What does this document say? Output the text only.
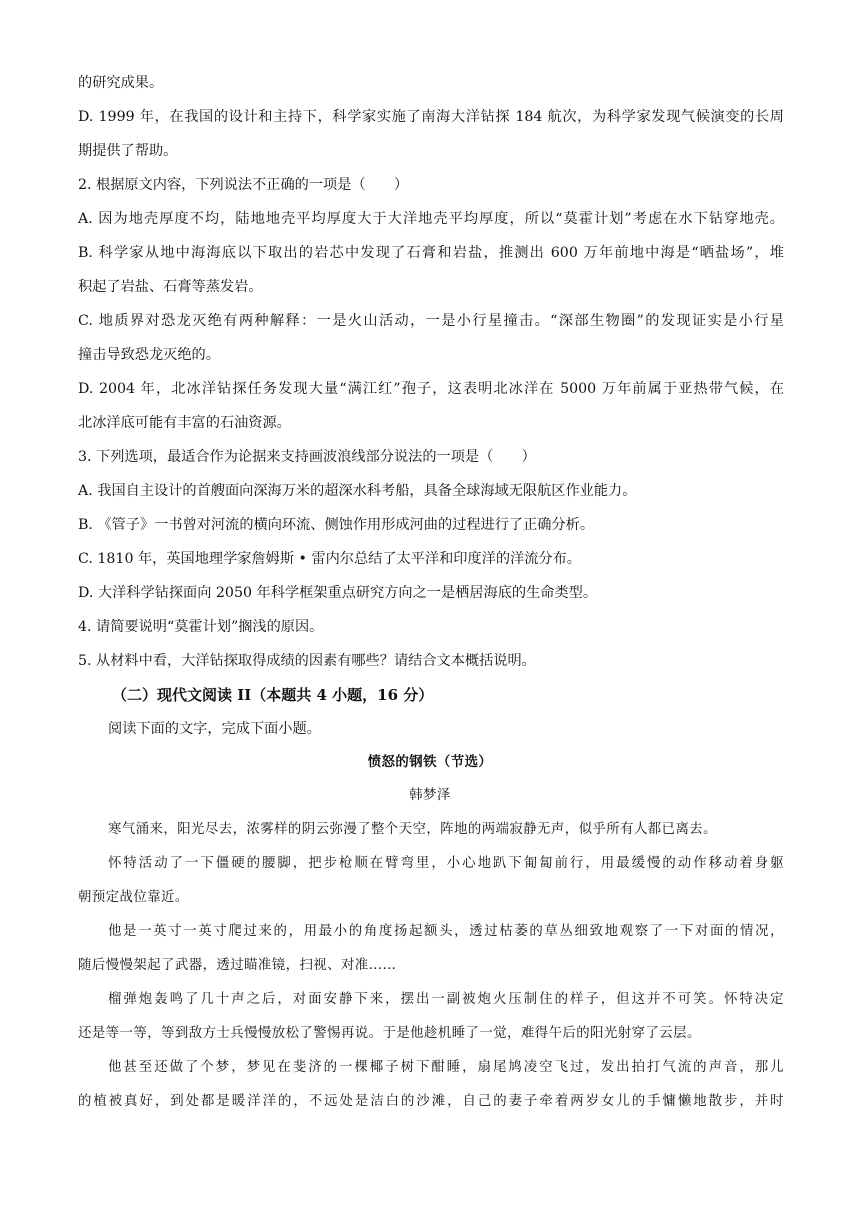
的研究成果。
D. 1999 年，在我国的设计和主持下，科学家实施了南海大洋钻探 184 航次，为科学家发现气候演变的长周
期提供了帮助。
2. 根据原文内容，下列说法不正确的一项是（　　）
A. 因为地壳厚度不均，陆地地壳平均厚度大于大洋地壳平均厚度，所以“莫霍计划”考虑在水下钻穿地壳。
B. 科学家从地中海海底以下取出的岩芯中发现了石膏和岩盐，推测出 600 万年前地中海是“晒盐场”，堆
积起了岩盐、石膏等蒸发岩。
C. 地质界对恐龙灭绝有两种解释：一是火山活动，一是小行星撞击。“深部生物圈”的发现证实是小行星
撞击导致恐龙灭绝的。
D. 2004 年，北冰洋钻探任务发现大量“满江红”孢子，这表明北冰洋在 5000 万年前属于亚热带气候，在
北冰洋底可能有丰富的石油资源。
3. 下列选项，最适合作为论据来支持画波浪线部分说法的一项是（　　）
A. 我国自主设计的首艘面向深海万米的超深水科考船，具备全球海域无限航区作业能力。
B. 《管子》一书曾对河流的横向环流、侧蚀作用形成河曲的过程进行了正确分析。
C. 1810 年，英国地理学家詹姆斯 • 雷内尔总结了太平洋和印度洋的洋流分布。
D. 大洋科学钻探面向 2050 年科学框架重点研究方向之一是栖居海底的生命类型。
4. 请简要说明“莫霍计划”搁浅的原因。
5. 从材料中看，大洋钻探取得成绩的因素有哪些？请结合文本概括说明。
（二）现代文阅读 II（本题共 4 小题，16 分）
阅读下面的文字，完成下面小题。
愤怒的钢铁（节选）
韩梦泽
寒气涌来，阳光尽去，浓雾样的阴云弥漫了整个天空，阵地的两端寂静无声，似乎所有人都已离去。
怀特活动了一下僵硬的腰脚，把步枪顺在臂弯里，小心地趴下匍匐前行，用最缓慢的动作移动着身躯
朝预定战位靠近。
他是一英寸一英寸爬过来的，用最小的角度扬起额头，透过枯萎的草丛细致地观察了一下对面的情况，
随后慢慢架起了武器，透过瞄准镜，扫视、对准……
榴弹炮轰鸣了几十声之后，对面安静下来，摆出一副被炮火压制住的样子，但这并不可笑。怀特决定
还是等一等，等到敌方士兵慢慢放松了警惕再说。于是他趁机睡了一觉，难得午后的阳光射穿了云层。
他甚至还做了个梦，梦见在斐济的一棵椰子树下酣睡，扇尾鸠凌空飞过，发出拍打气流的声音，那儿
的植被真好，到处都是暖洋洋的，不远处是洁白的沙滩，自己的妻子牵着两岁女儿的手慵懒地散步，并时
